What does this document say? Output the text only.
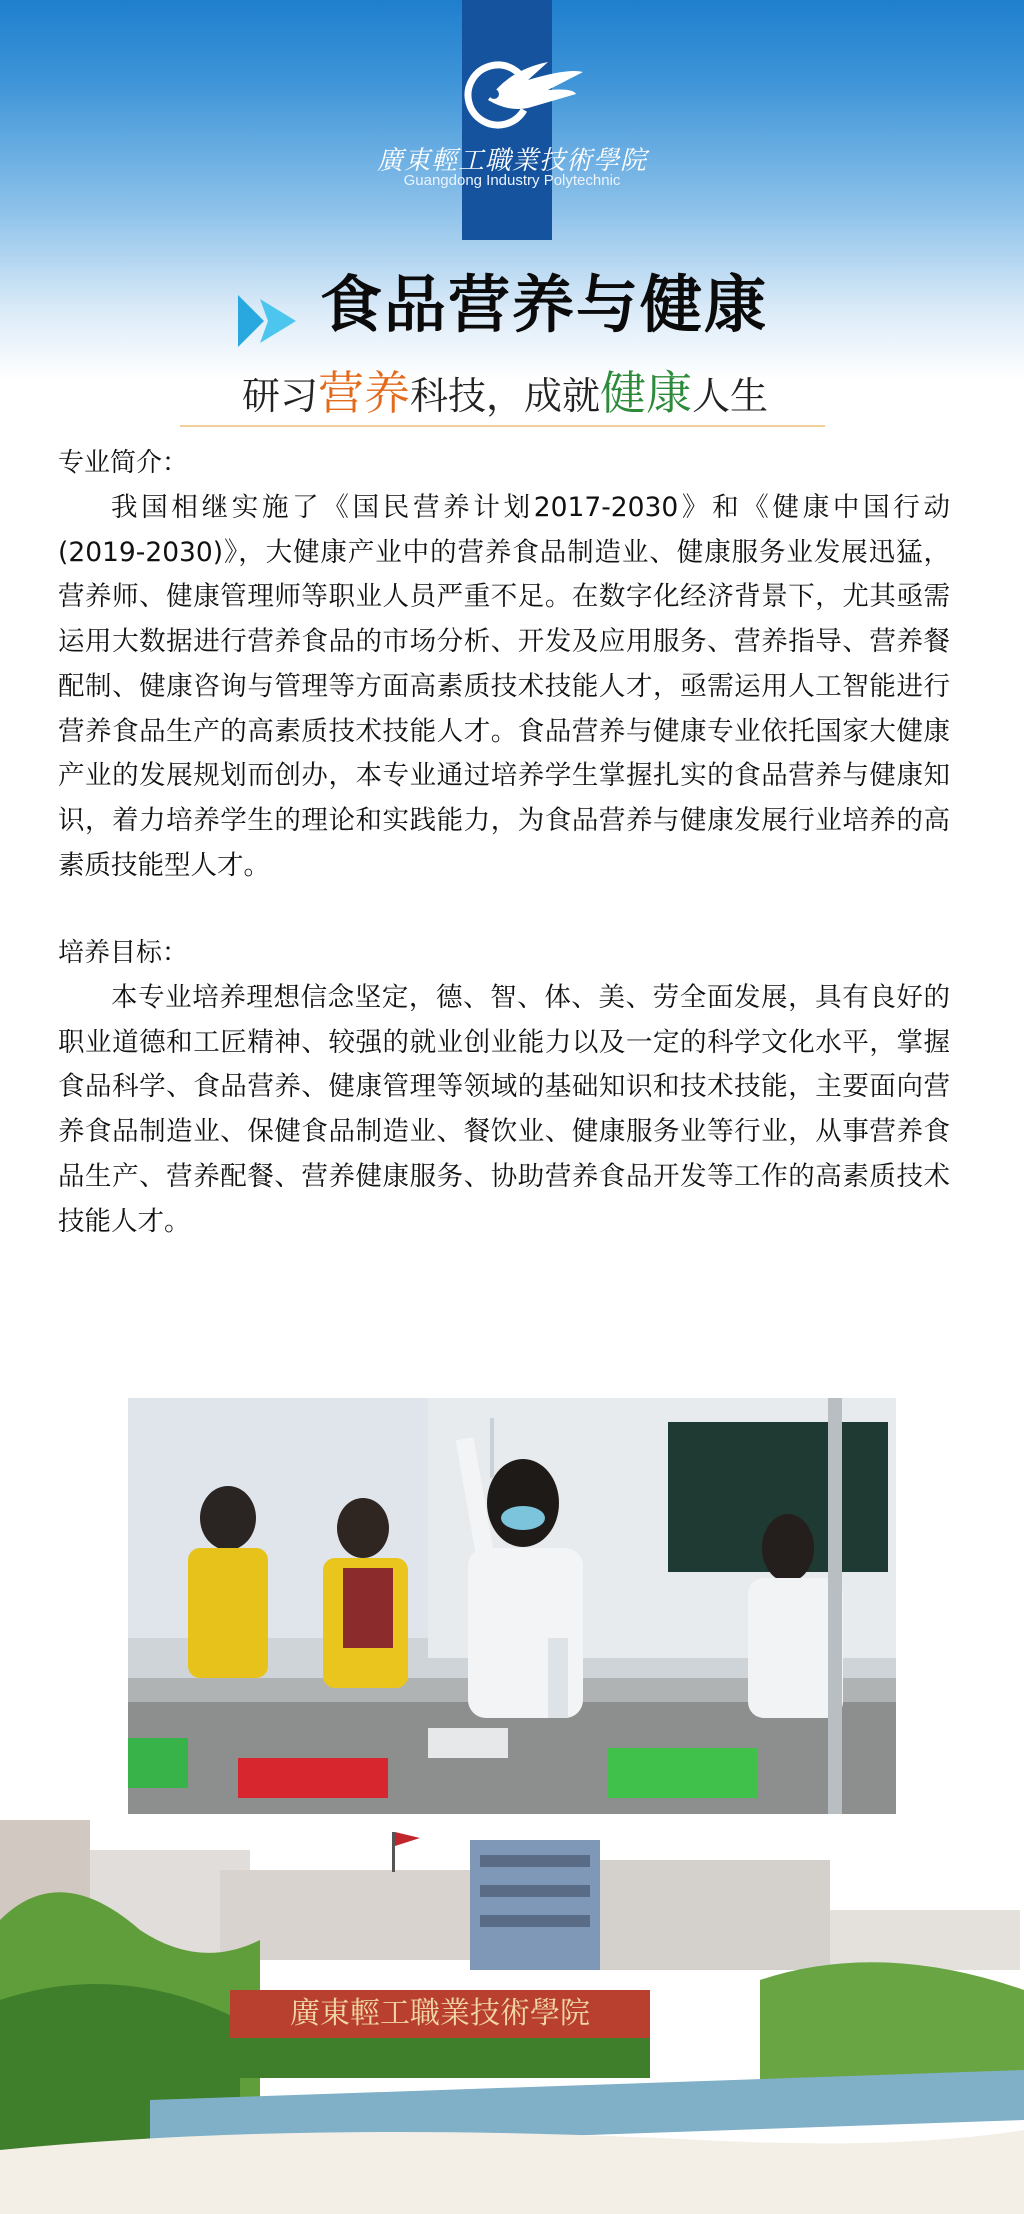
廣東輕工職業技術學院
Guangdong Industry Polytechnic
食品营养与健康
研习营养科技，成就健康人生

专业简介：

我国相继实施了《国民营养计划2017-2030》和《健康中国行动(2019-2030)》，大健康产业中的营养食品制造业、健康服务业发展迅猛，营养师、健康管理师等职业人员严重不足。在数字化经济背景下，尤其亟需运用大数据进行营养食品的市场分析、开发及应用服务、营养指导、营养餐配制、健康咨询与管理等方面高素质技术技能人才，亟需运用人工智能进行营养食品生产的高素质技术技能人才。食品营养与健康专业依托国家大健康产业的发展规划而创办，本专业通过培养学生掌握扎实的食品营养与健康知识，着力培养学生的理论和实践能力，为食品营养与健康发展行业培养的高素质技能型人才。

培养目标：

本专业培养理想信念坚定，德、智、体、美、劳全面发展，具有良好的职业道德和工匠精神、较强的就业创业能力以及一定的科学文化水平，掌握食品科学、食品营养、健康管理等领域的基础知识和技术技能，主要面向营养食品制造业、保健食品制造业、餐饮业、健康服务业等行业，从事营养食品生产、营养配餐、营养健康服务、协助营养食品开发等工作的高素质技术技能人才。

廣東輕工職業技術學院
